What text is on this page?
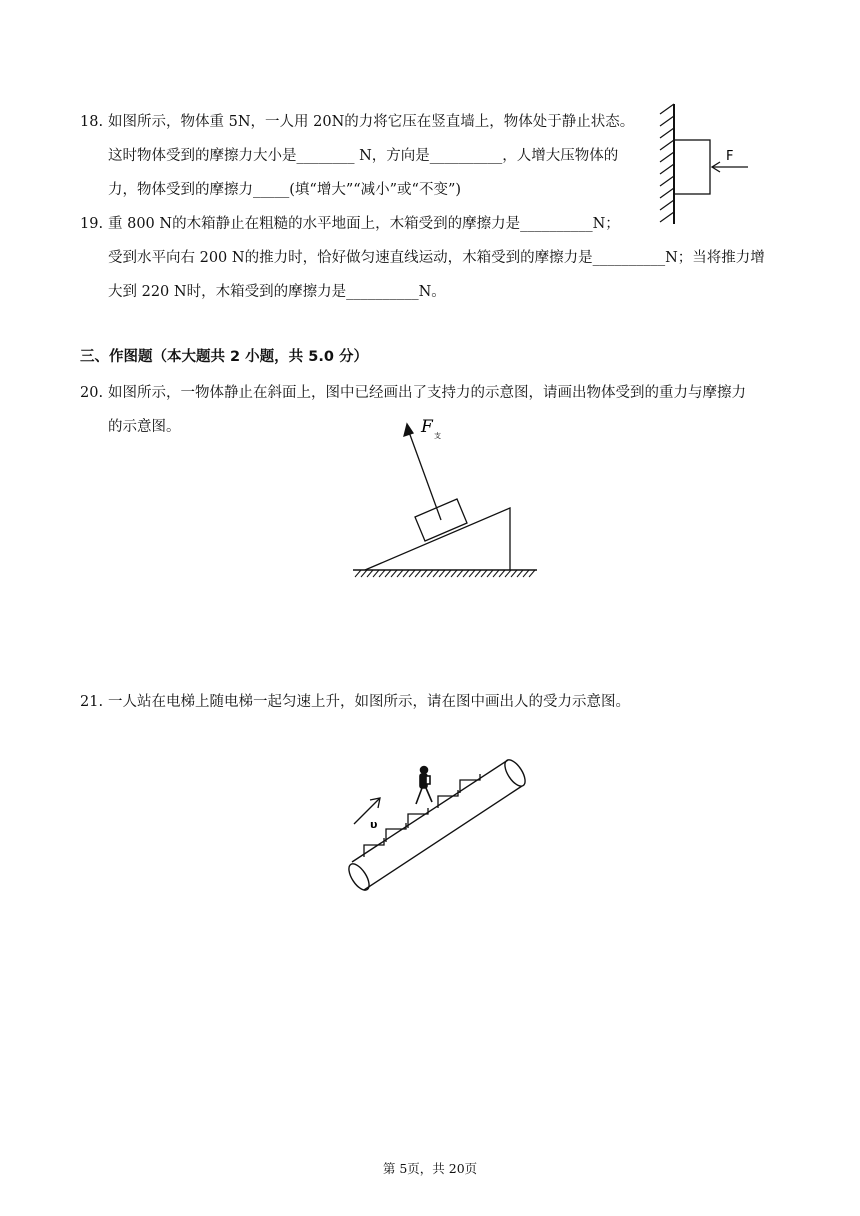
18. 如图所示，物体重 5N，一人用 20N的力将它压在竖直墙上，物体处于静止状态。
这时物体受到的摩擦力大小是________ N，方向是__________，人增大压物体的
力，物体受到的摩擦力_____(填“增大”“减小”或“不变”)
F
19. 重 800 N的木箱静止在粗糙的水平地面上，木箱受到的摩擦力是__________N；
受到水平向右 200 N的推力时，恰好做匀速直线运动，木箱受到的摩擦力是__________N；当将推力增
大到 220 N时，木箱受到的摩擦力是__________N。
三、作图题（本大题共 2 小题，共 5.0 分）
20. 如图所示，一物体静止在斜面上，图中已经画出了支持力的示意图，请画出物体受到的重力与摩擦力
的示意图。	F 支
21. 一人站在电梯上随电梯一起匀速上升，如图所示，请在图中画出人的受力示意图。
υ
第 5页，共 20页
